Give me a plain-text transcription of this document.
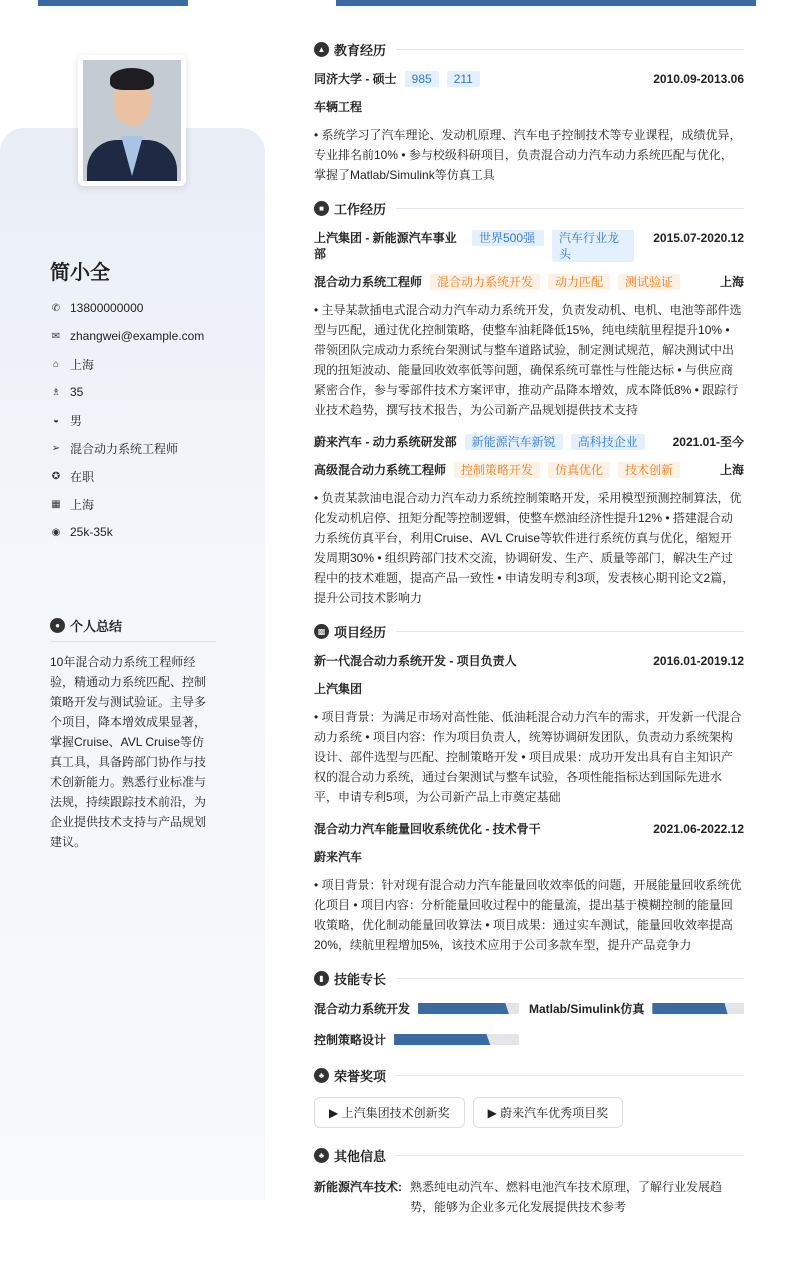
简小全
✆ 13800000000
✉ zhangwei@example.com
⌂ 上海
♗ 35
◒ 男
➢ 混合动力系统工程师
✪ 在职
▦ 上海
◉ 25k-35k
● 个人总结
10年混合动力系统工程师经验，精通动力系统匹配、控制策略开发与测试验证。主导多个项目，降本增效成果显著，掌握Cruise、AVL Cruise等仿真工具，具备跨部门协作与技术创新能力。熟悉行业标准与法规，持续跟踪技术前沿，为企业提供技术支持与产品规划建议。
▲ 教育经历
同济大学 - 硕士	985	211	2010.09-2013.06
车辆工程
• 系统学习了汽车理论、发动机原理、汽车电子控制技术等专业课程，成绩优异，专业排名前10% • 参与校级科研项目，负责混合动力汽车动力系统匹配与优化，掌握了Matlab/Simulink等仿真工具
■ 工作经历
上汽集团 - 新能源汽车事业部
世界500强	汽车行业龙头
2015.07-2020.12
混合动力系统工程师	混合动力系统开发	动力匹配	测试验证	上海
• 主导某款插电式混合动力汽车动力系统开发，负责发动机、电机、电池等部件选型与匹配，通过优化控制策略，使整车油耗降低15%，纯电续航里程提升10% • 带领团队完成动力系统台架测试与整车道路试验，制定测试规范，解决测试中出现的扭矩波动、能量回收效率低等问题，确保系统可靠性与性能达标 • 与供应商紧密合作，参与零部件技术方案评审，推动产品降本增效，成本降低8% • 跟踪行业技术趋势，撰写技术报告，为公司新产品规划提供技术支持
蔚来汽车 - 动力系统研发部	新能源汽车新锐	高科技企业	2021.01-至今
高级混合动力系统工程师	控制策略开发	仿真优化	技术创新	上海
• 负责某款油电混合动力汽车动力系统控制策略开发，采用模型预测控制算法，优化发动机启停、扭矩分配等控制逻辑，使整车燃油经济性提升12% • 搭建混合动力系统仿真平台，利用Cruise、AVL Cruise等软件进行系统仿真与优化，缩短开发周期30% • 组织跨部门技术交流，协调研发、生产、质量等部门，解决生产过程中的技术难题，提高产品一致性 • 申请发明专利3项，发表核心期刊论文2篇，提升公司技术影响力
▩ 项目经历
新一代混合动力系统开发 - 项目负责人	2016.01-2019.12
上汽集团
• 项目背景：为满足市场对高性能、低油耗混合动力汽车的需求，开发新一代混合动力系统 • 项目内容：作为项目负责人，统筹协调研发团队，负责动力系统架构设计、部件选型与匹配、控制策略开发 • 项目成果：成功开发出具有自主知识产权的混合动力系统，通过台架测试与整车试验，各项性能指标达到国际先进水平，申请专利5项，为公司新产品上市奠定基础
混合动力汽车能量回收系统优化 - 技术骨干	2021.06-2022.12
蔚来汽车
• 项目背景：针对现有混合动力汽车能量回收效率低的问题，开展能量回收系统优化项目 • 项目内容：分析能量回收过程中的能量流，提出基于模糊控制的能量回收策略，优化制动能量回收算法 • 项目成果：通过实车测试，能量回收效率提高20%，续航里程增加5%，该技术应用于公司多款车型，提升产品竞争力
▮ 技能专长
混合动力系统开发	Matlab/Simulink仿真
控制策略设计
♣ 荣誉奖项
▶ 上汽集团技术创新奖	▶ 蔚来汽车优秀项目奖
♣ 其他信息
新能源汽车技术: 熟悉纯电动汽车、燃料电池汽车技术原理，了解行业发展趋势，能够为企业多元化发展提供技术参考
